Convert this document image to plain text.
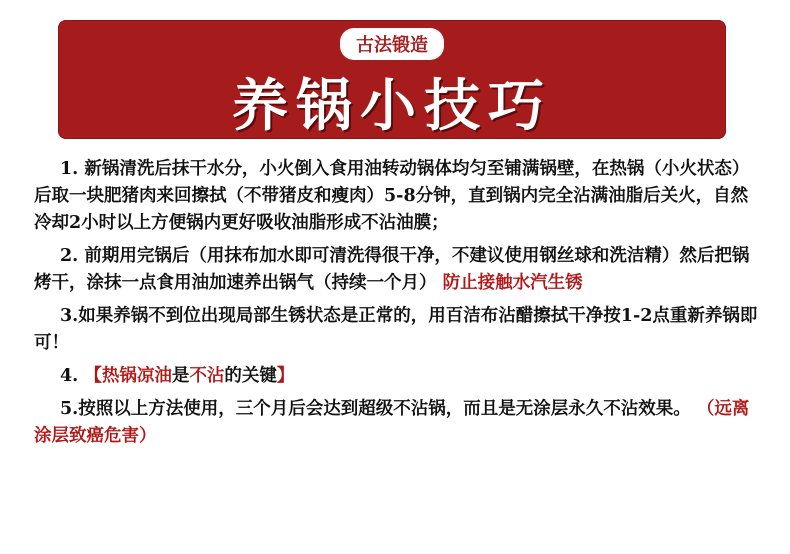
古法锻造
养锅小技巧

1. 新锅清洗后抹干水分，小火倒入食用油转动锅体均匀至铺满锅壁，在热锅（小火状态）后取一块肥猪肉来回擦拭（不带猪皮和瘦肉）5-8分钟，直到锅内完全沾满油脂后关火，自然冷却2小时以上方便锅内更好吸收油脂形成不沾油膜；

2. 前期用完锅后（用抹布加水即可清洗得很干净，不建议使用钢丝球和洗洁精）然后把锅烤干，涂抹一点食用油加速养出锅气（持续一个月） 防止接触水汽生锈

3.如果养锅不到位出现局部生锈状态是正常的，用百洁布沾醋擦拭干净按1-2点重新养锅即可！

4. 【热锅凉油是不沾的关键】

5.按照以上方法使用，三个月后会达到超级不沾锅，而且是无涂层永久不沾效果。 （远离涂层致癌危害）
